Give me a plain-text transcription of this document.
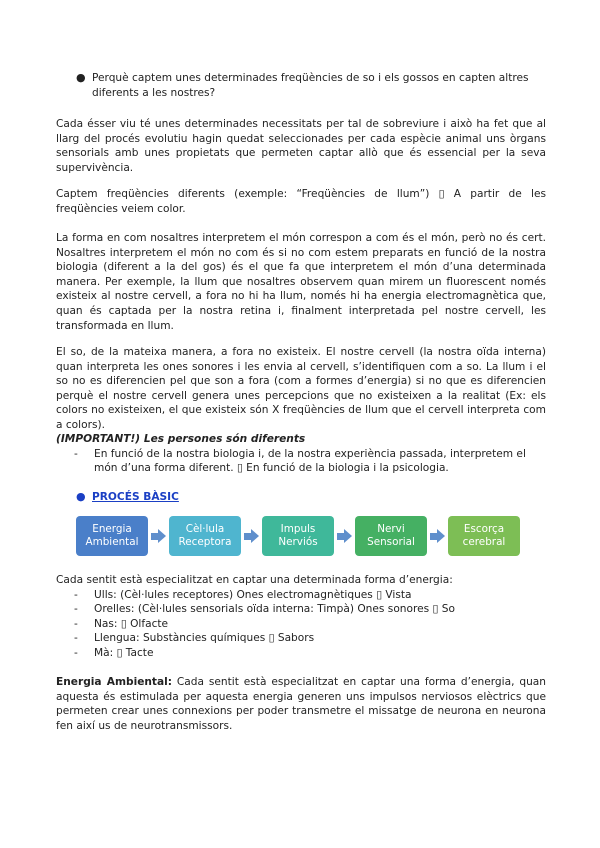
● Perquè captem unes determinades freqüències de so i els gossos en capten altres diferents a les nostres?
Cada ésser viu té unes determinades necessitats per tal de sobreviure i això ha fet que al llarg del procés evolutiu hagin quedat seleccionades per cada espècie animal uns òrgans sensorials amb unes propietats que permeten captar allò que és essencial per la seva supervivència.
Captem freqüències diferents (exemple: “Freqüències de llum”) ▯ A partir de les freqüències veiem color.
La forma en com nosaltres interpretem el món correspon a com és el món, però no és cert. Nosaltres interpretem el món no com és si no com estem preparats en funció de la nostra biologia (diferent a la del gos) és el que fa que interpretem el món d’una determinada manera. Per exemple, la llum que nosaltres observem quan mirem un fluorescent només existeix al nostre cervell, a fora no hi ha llum, només hi ha energia electromagnètica que, quan és captada per la nostra retina i, finalment interpretada pel nostre cervell, les transformada en llum.
El so, de la mateixa manera, a fora no existeix. El nostre cervell (la nostra oïda interna) quan interpreta les ones sonores i les envia al cervell, s’identifiquen com a so. La llum i el so no es diferencien pel que son a fora (com a formes d’energia) si no que es diferencien perquè el nostre cervell genera unes percepcions que no existeixen a la realitat (Ex: els colors no existeixen, el que existeix són X freqüències de llum que el cervell interpreta com a colors).
(IMPORTANT!) Les persones són diferents
- En funció de la nostra biologia i, de la nostra experiència passada, interpretem el món d’una forma diferent. ▯ En funció de la biologia i la psicologia.
● PROCÉS BÀSIC
Energia
Ambiental
Cèl·lula
Receptora
Impuls
Nerviós
Nervi
Sensorial
Escorça
cerebral
Cada sentit està especialitzat en captar una determinada forma d’energia:
- Ulls: (Cèl·lules receptores) Ones electromagnètiques ▯ Vista
- Orelles: (Cèl·lules sensorials oïda interna: Timpà) Ones sonores ▯ So
- Nas: ▯ Olfacte
- Llengua: Substàncies químiques ▯ Sabors
- Mà: ▯ Tacte
Energia Ambiental: Cada sentit està especialitzat en captar una forma d’energia, quan aquesta és estimulada per aquesta energia generen uns impulsos nerviosos elèctrics que permeten crear unes connexions per poder transmetre el missatge de neurona en neurona fen així us de neurotransmissors.
